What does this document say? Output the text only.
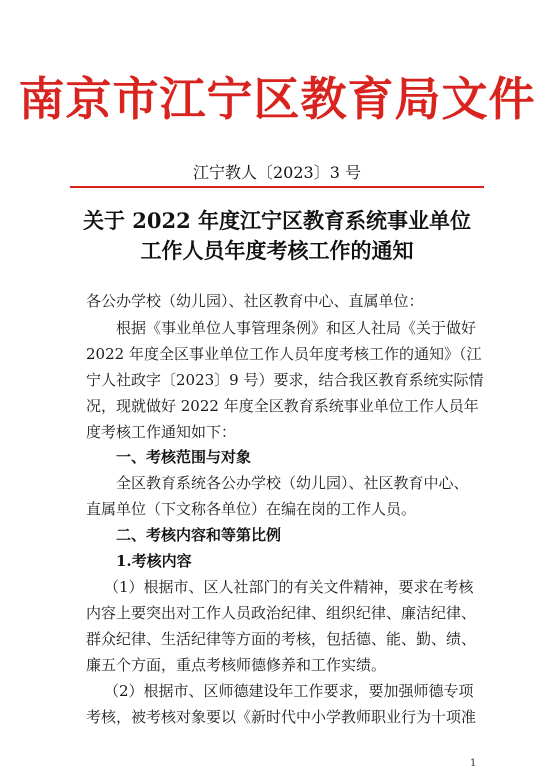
南京市江宁区教育局文件
江宁教人〔2023〕3 号
关于 2022 年度江宁区教育系统事业单位
工作人员年度考核工作的通知
各公办学校（幼儿园）、社区教育中心、直属单位：
根据《事业单位人事管理条例》和区人社局《关于做好
2022 年度全区事业单位工作人员年度考核工作的通知》（江
宁人社政字〔2023〕9 号）要求，结合我区教育系统实际情
况，现就做好 2022 年度全区教育系统事业单位工作人员年
度考核工作通知如下：
一、考核范围与对象
全区教育系统各公办学校（幼儿园）、社区教育中心、
直属单位（下文称各单位）在编在岗的工作人员。
二、考核内容和等第比例
1.考核内容
（1）根据市、区人社部门的有关文件精神，要求在考核
内容上要突出对工作人员政治纪律、组织纪律、廉洁纪律、
群众纪律、生活纪律等方面的考核，包括德、能、勤、绩、
廉五个方面，重点考核师德修养和工作实绩。
（2）根据市、区师德建设年工作要求，要加强师德专项
考核，被考核对象要以《新时代中小学教师职业行为十项准
1
